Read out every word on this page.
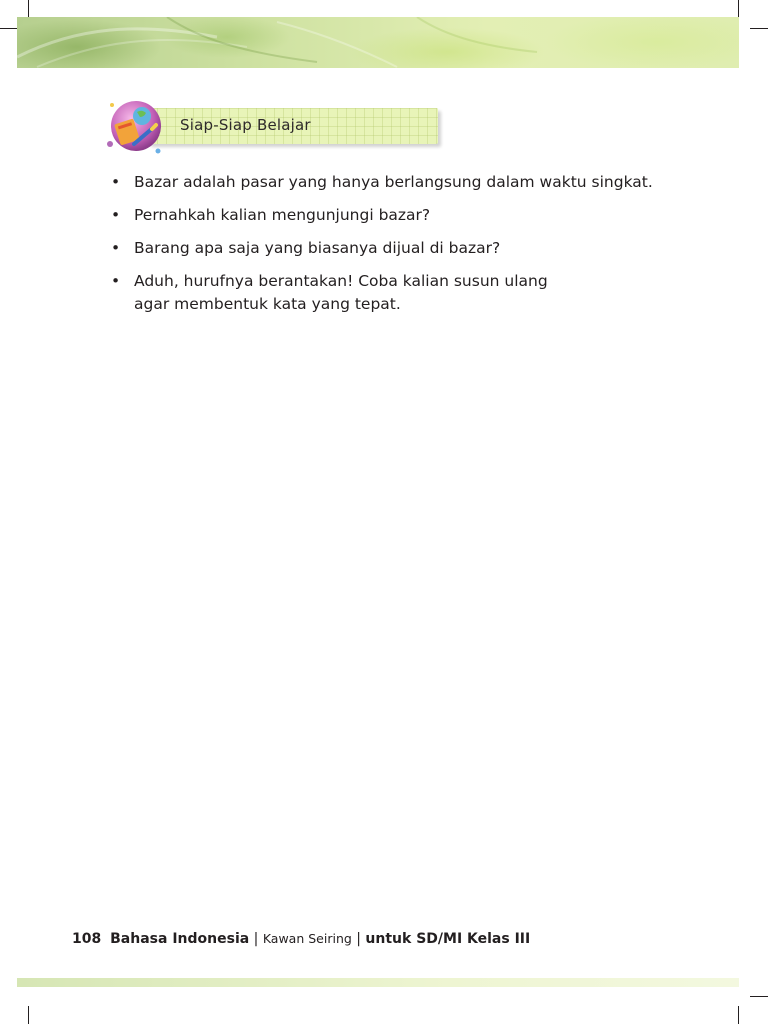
Siap-Siap Belajar
• Bazar adalah pasar yang hanya berlangsung dalam waktu singkat.
• Pernahkah kalian mengunjungi bazar?
• Barang apa saja yang biasanya dijual di bazar?
• Aduh, hurufnya berantakan! Coba kalian susun ulang
agar membentuk kata yang tepat.
108 Bahasa Indonesia | Kawan Seiring | untuk SD/MI Kelas III
